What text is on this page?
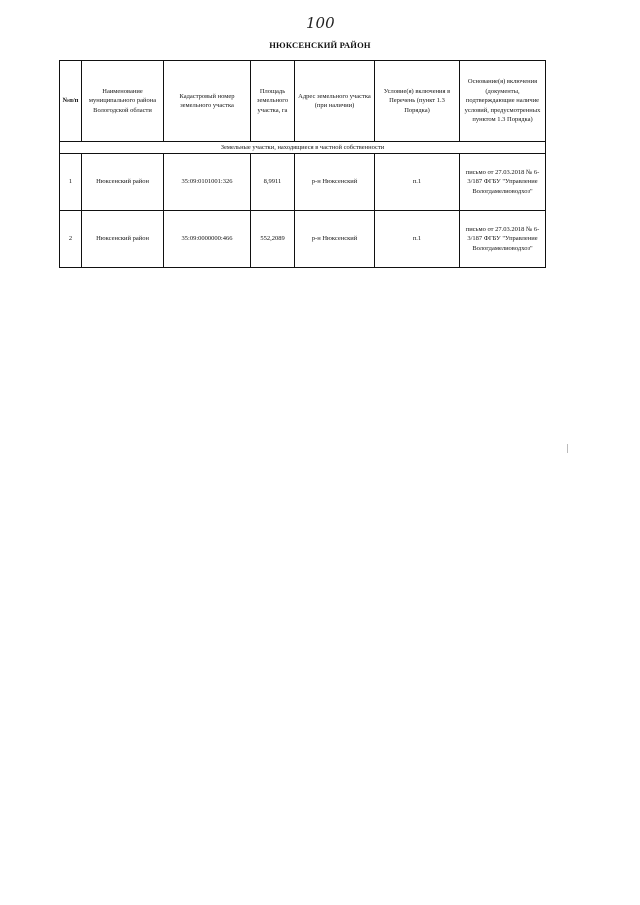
100
НЮКСЕНСКИЙ РАЙОН
№п/п	Наименование муниципального района Вологодской области	Кадастровый номер земельного участка	Площадь земельного участка, га	Адрес земельного участка (при наличии)	Условие(я) включения в Перечень (пункт 1.3 Порядка)	Основание(я) включения (документы, подтверждающие наличие условий, предусмотренных пунктом 1.3 Порядка)
Земельные участки, находящиеся в частной собственности						
1	Нюксенский район	35:09:0101001:326	8,9911	р-н Нюксенский	п.1	письмо от 27.03.2018 № 6-3/187 ФГБУ "Управление Вологдамелиоводхоз"
2	Нюксенский район	35:09:0000000:466	552,2089	р-н Нюксенский	п.1	письмо от 27.03.2018 № 6-3/187 ФГБУ "Управление Вологдамелиоводхоз"
